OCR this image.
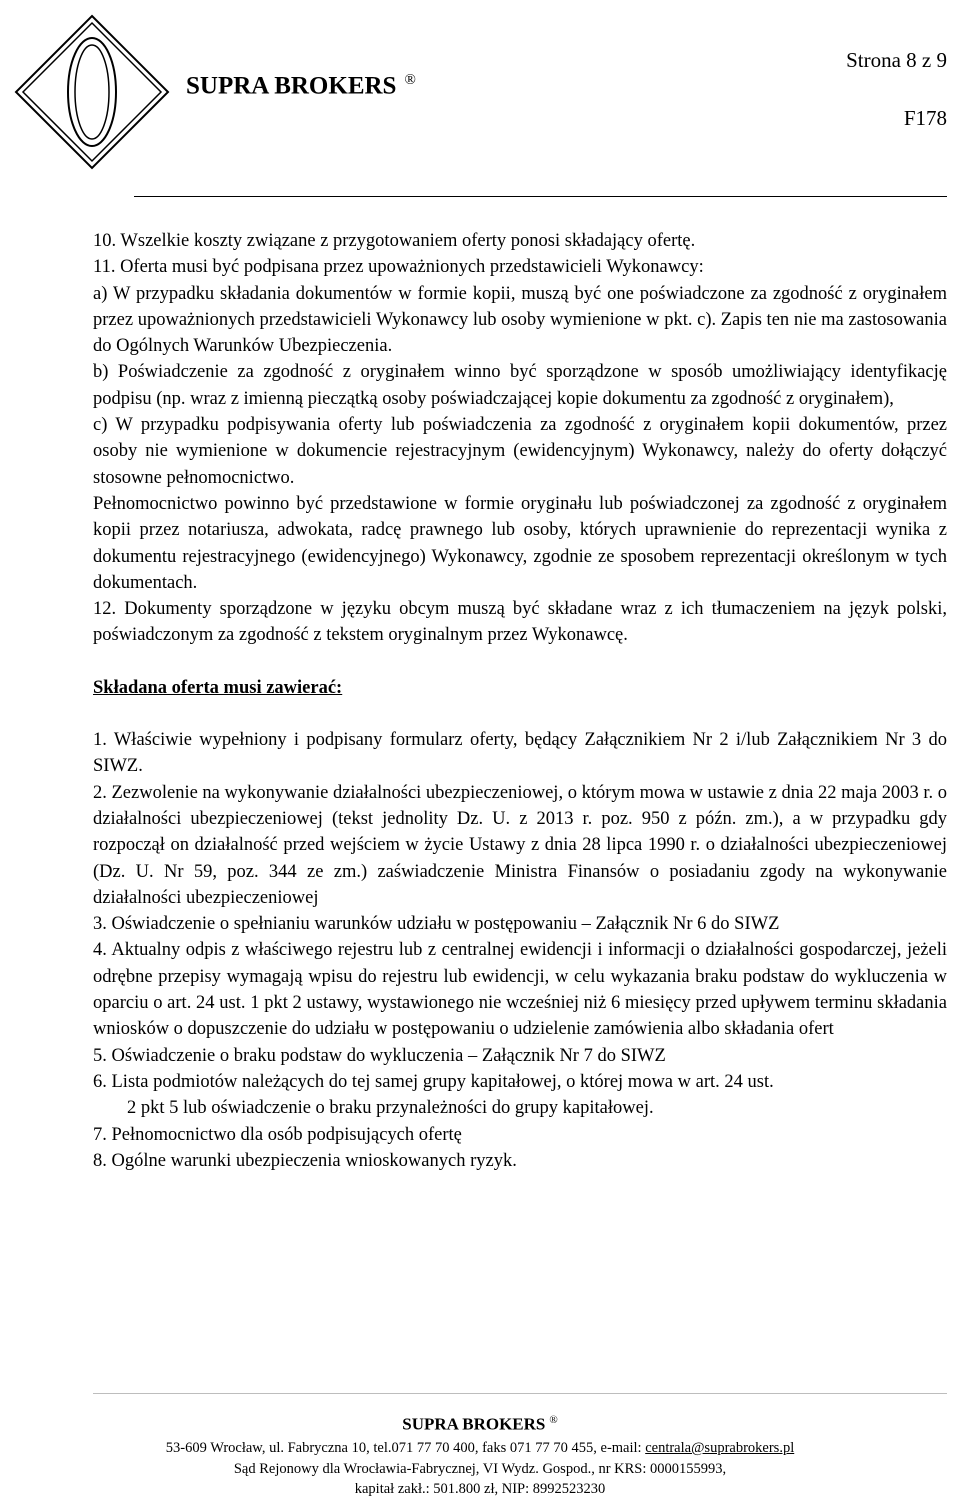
SUPRA BROKERS ®
Strona 8 z 9
F178

10. Wszelkie koszty związane z przygotowaniem oferty ponosi składający ofertę.

11. Oferta musi być podpisana przez upoważnionych przedstawicieli Wykonawcy:

a) W przypadku składania dokumentów w formie kopii, muszą być one poświadczone za zgodność z oryginałem przez upoważnionych przedstawicieli Wykonawcy lub osoby wymienione w pkt. c). Zapis ten nie ma zastosowania do Ogólnych Warunków Ubezpieczenia.

b) Poświadczenie za zgodność z oryginałem winno być sporządzone w sposób umożliwiający identyfikację podpisu (np. wraz z imienną pieczątką osoby poświadczającej kopie dokumentu za zgodność z oryginałem),

c) W przypadku podpisywania oferty lub poświadczenia za zgodność z oryginałem kopii dokumentów, przez osoby nie wymienione w dokumencie rejestracyjnym (ewidencyjnym) Wykonawcy, należy do oferty dołączyć stosowne pełnomocnictwo.

Pełnomocnictwo powinno być przedstawione w formie oryginału lub poświadczonej za zgodność z oryginałem kopii przez notariusza, adwokata, radcę prawnego lub osoby, których uprawnienie do reprezentacji wynika z dokumentu rejestracyjnego (ewidencyjnego) Wykonawcy, zgodnie ze sposobem reprezentacji określonym w tych dokumentach.

12. Dokumenty sporządzone w języku obcym muszą być składane wraz z ich tłumaczeniem na język polski, poświadczonym za zgodność z tekstem oryginalnym przez Wykonawcę.

Składana oferta musi zawierać:

1. Właściwie wypełniony i podpisany formularz oferty, będący Załącznikiem Nr 2 i/lub Załącznikiem Nr 3 do SIWZ.

2. Zezwolenie na wykonywanie działalności ubezpieczeniowej, o którym mowa w ustawie z dnia 22 maja 2003 r. o działalności ubezpieczeniowej (tekst jednolity Dz. U. z 2013 r. poz. 950 z późn. zm.), a w przypadku gdy rozpoczął on działalność przed wejściem w życie Ustawy z dnia 28 lipca 1990 r. o działalności ubezpieczeniowej (Dz. U. Nr 59, poz. 344 ze zm.) zaświadczenie Ministra Finansów o posiadaniu zgody na wykonywanie działalności ubezpieczeniowej

3. Oświadczenie o spełnianiu warunków udziału w postępowaniu – Załącznik Nr 6 do SIWZ

4. Aktualny odpis z właściwego rejestru lub z centralnej ewidencji i informacji o działalności gospodarczej, jeżeli odrębne przepisy wymagają wpisu do rejestru lub ewidencji, w celu wykazania braku podstaw do wykluczenia w oparciu o art. 24 ust. 1 pkt 2 ustawy, wystawionego nie wcześniej niż 6 miesięcy przed upływem terminu składania wniosków o dopuszczenie do udziału w postępowaniu o udzielenie zamówienia albo składania ofert

5. Oświadczenie o braku podstaw do wykluczenia – Załącznik Nr 7 do SIWZ

6. Lista podmiotów należących do tej samej grupy kapitałowej, o której mowa w art. 24 ust.

2 pkt 5 lub oświadczenie o braku przynależności do grupy kapitałowej.

7. Pełnomocnictwo dla osób podpisujących ofertę

8. Ogólne warunki ubezpieczenia wnioskowanych ryzyk.

SUPRA BROKERS ®
53-609 Wrocław, ul. Fabryczna 10, tel.071 77 70 400, faks 071 77 70 455, e-mail: centrala@suprabrokers.pl
Sąd Rejonowy dla Wrocławia-Fabrycznej, VI Wydz. Gospod., nr KRS: 0000155993,
kapitał zakł.: 501.800 zł, NIP: 8992523230
